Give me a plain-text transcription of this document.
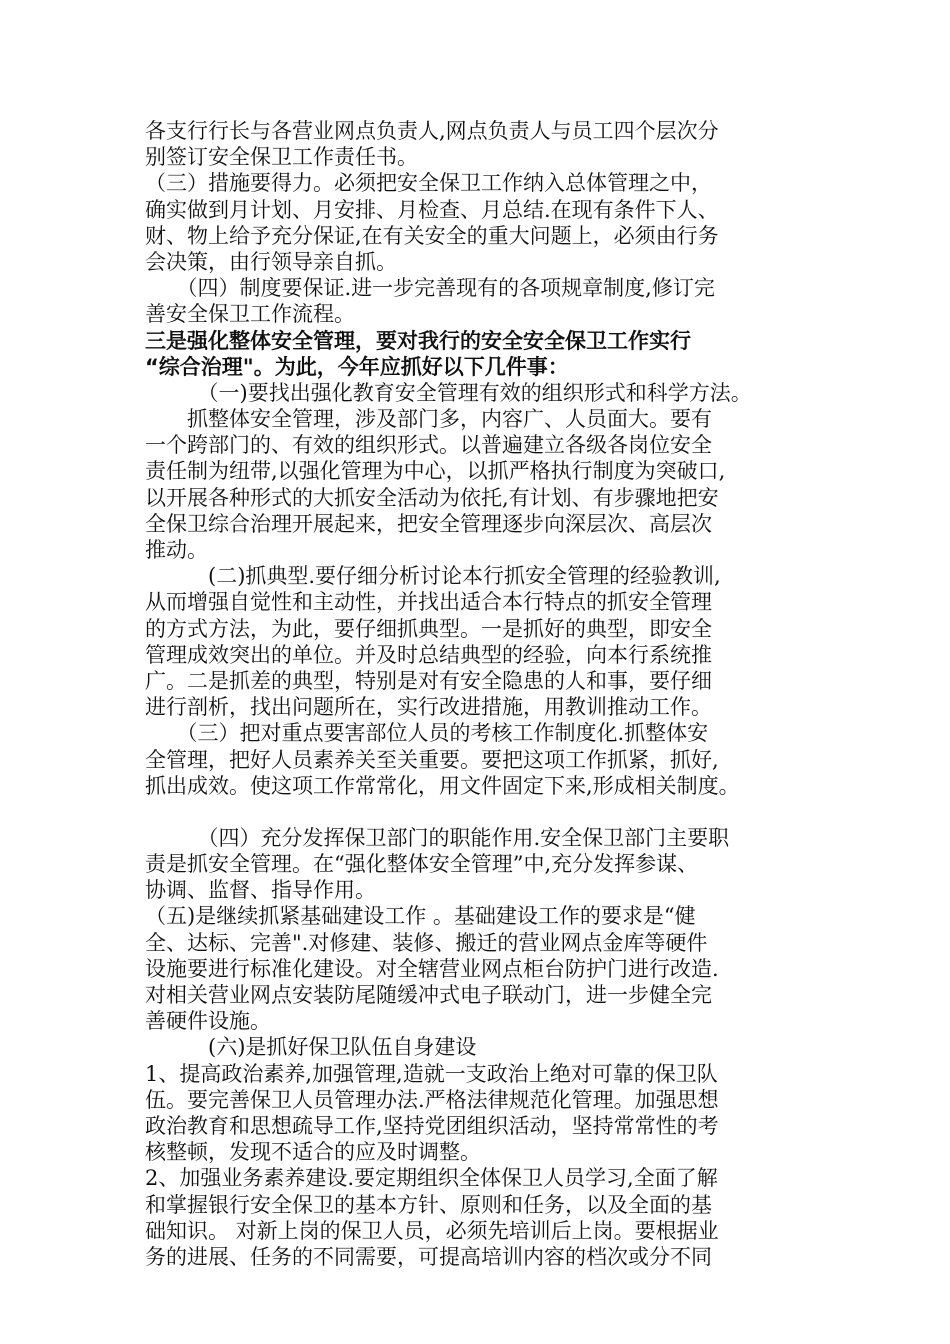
各支行行长与各营业网点负责人,网点负责人与员工四个层次分
别签订安全保卫工作责任书。
（三）措施要得力。必须把安全保卫工作纳入总体管理之中，
确实做到月计划、月安排、月检查、月总结.在现有条件下人、
财、物上给予充分保证,在有关安全的重大问题上，必须由行务
会决策，由行领导亲自抓。
　　（四）制度要保证.进一步完善现有的各项规章制度,修订完
善安全保卫工作流程。
三是强化整体安全管理，要对我行的安全安全保卫工作实行
“综合治理"。为此，今年应抓好以下几件事：
　　　（一)要找出强化教育安全管理有效的组织形式和科学方法。
　　抓整体安全管理，涉及部门多，内容广、人员面大。要有
一个跨部门的、有效的组织形式。以普遍建立各级各岗位安全
责任制为纽带,以强化管理为中心，以抓严格执行制度为突破口,
以开展各种形式的大抓安全活动为依托,有计划、有步骤地把安
全保卫综合治理开展起来，把安全管理逐步向深层次、高层次
推动。
　　　(二)抓典型.要仔细分析讨论本行抓安全管理的经验教训,
从而增强自觉性和主动性，并找出适合本行特点的抓安全管理
的方式方法，为此，要仔细抓典型。一是抓好的典型，即安全
管理成效突出的单位。并及时总结典型的经验，向本行系统推
广。二是抓差的典型，特别是对有安全隐患的人和事，要仔细
进行剖析，找出问题所在，实行改进措施，用教训推动工作。
　　（三）把对重点要害部位人员的考核工作制度化.抓整体安
全管理，把好人员素养关至关重要。要把这项工作抓紧，抓好,
抓出成效。使这项工作常常化，用文件固定下来,形成相关制度。
　　　（四）充分发挥保卫部门的职能作用.安全保卫部门主要职
责是抓安全管理。在“强化整体安全管理”中,充分发挥参谋、
协调、监督、指导作用。
（五)是继续抓紧基础建设工作 。基础建设工作的要求是“健
全、达标、完善".对修建、装修、搬迁的营业网点金库等硬件
设施要进行标准化建设。对全辖营业网点柜台防护门进行改造.
对相关营业网点安装防尾随缓冲式电子联动门，进一步健全完
善硬件设施。
　　　(六)是抓好保卫队伍自身建设
1、提高政治素养,加强管理,造就一支政治上绝对可靠的保卫队
伍。要完善保卫人员管理办法.严格法律规范化管理。加强思想
政治教育和思想疏导工作,坚持党团组织活动，坚持常常性的考
核整顿，发现不适合的应及时调整。
2、加强业务素养建设.要定期组织全体保卫人员学习,全面了解
和掌握银行安全保卫的基本方针、原则和任务，以及全面的基
础知识。 对新上岗的保卫人员，必须先培训后上岗。要根据业
务的进展、任务的不同需要，可提高培训内容的档次或分不同
